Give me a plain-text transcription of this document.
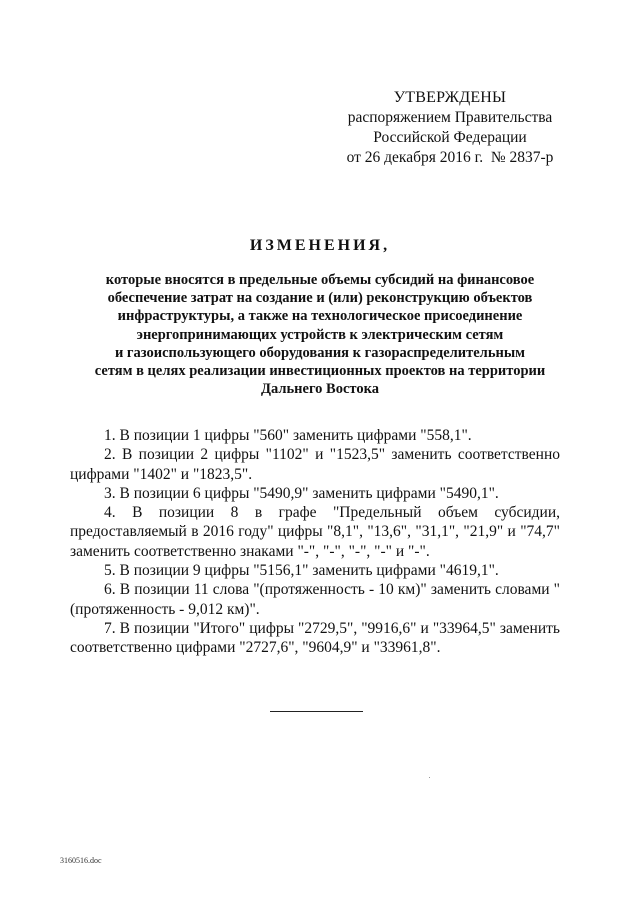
УТВЕРЖДЕНЫ
распоряжением Правительства
Российской Федерации
от 26 декабря 2016 г.  № 2837-р
ИЗМЕНЕНИЯ,
которые вносятся в предельные объемы субсидий на финансовое
обеспечение затрат на создание и (или) реконструкцию объектов
инфраструктуры, а также на технологическое присоединение
энергопринимающих устройств к электрическим сетям
и газоиспользующего оборудования к газораспределительным
сетям в целях реализации инвестиционных проектов на территории
Дальнего Востока

1. В позиции 1 цифры "560" заменить цифрами "558,1".

2. В позиции 2 цифры "1102" и "1523,5" заменить соответственно цифрами "1402" и "1823,5".

3. В позиции 6 цифры "5490,9" заменить цифрами "5490,1".

4. В позиции 8 в графе "Предельный объем субсидии, предоставляемый в 2016 году" цифры "8,1", "13,6", "31,1", "21,9" и "74,7" заменить соответственно знаками "-", "-", "-", "-" и "-".

5. В позиции 9 цифры "5156,1" заменить цифрами "4619,1".

6. В позиции 11 слова "(протяженность - 10 км)" заменить словами "(протяженность - 9,012 км)".

7. В позиции "Итого" цифры "2729,5", "9916,6" и "33964,5" заменить соответственно цифрами "2727,6", "9604,9" и "33961,8".

3160516.doc
